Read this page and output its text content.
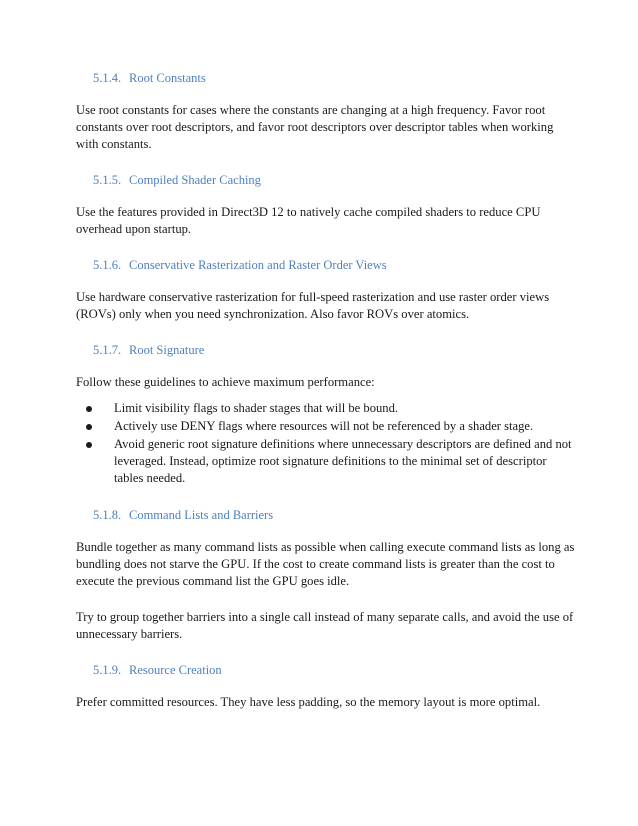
5.1.4. Root Constants

Use root constants for cases where the constants are changing at a high frequency. Favor root constants over root descriptors, and favor root descriptors over descriptor tables when working with constants.

5.1.5. Compiled Shader Caching

Use the features provided in Direct3D 12 to natively cache compiled shaders to reduce CPU overhead upon startup.

5.1.6. Conservative Rasterization and Raster Order Views

Use hardware conservative rasterization for full-speed rasterization and use raster order views (ROVs) only when you need synchronization. Also favor ROVs over atomics.

5.1.7. Root Signature

Follow these guidelines to achieve maximum performance:

Limit visibility flags to shader stages that will be bound.
Actively use DENY flags where resources will not be referenced by a shader stage.
Avoid generic root signature definitions where unnecessary descriptors are defined and not leveraged. Instead, optimize root signature definitions to the minimal set of descriptor tables needed.
5.1.8. Command Lists and Barriers

Bundle together as many command lists as possible when calling execute command lists as long as bundling does not starve the GPU. If the cost to create command lists is greater than the cost to execute the previous command list the GPU goes idle.

Try to group together barriers into a single call instead of many separate calls, and avoid the use of unnecessary barriers.

5.1.9. Resource Creation

Prefer committed resources. They have less padding, so the memory layout is more optimal.
